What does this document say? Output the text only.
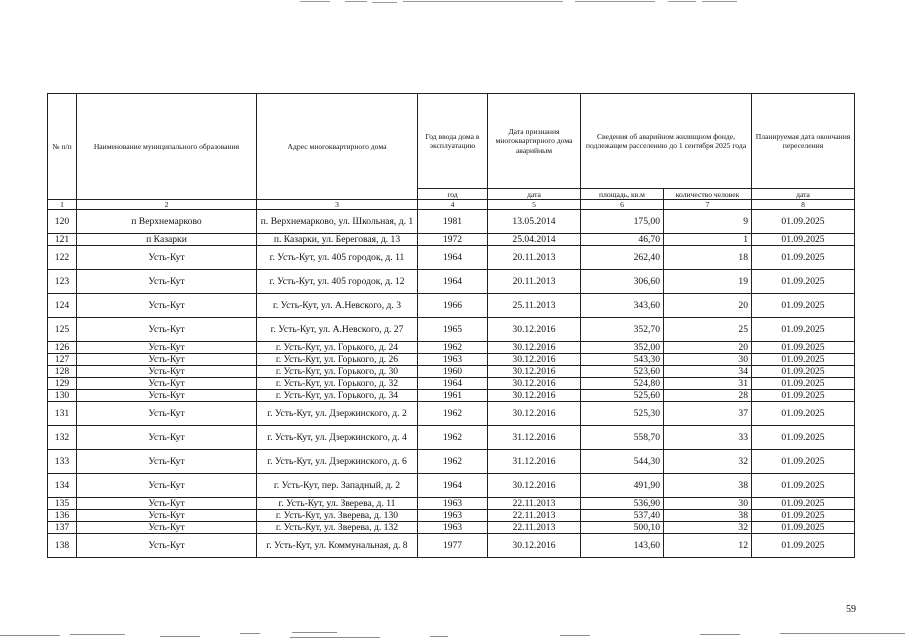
№ п/п	Наименование муниципального образования	Адрес многоквартирного дома	Год ввода дома в эксплуатацию	Дата признания многоквартирного дома аварийным	Сведения об аварийном жилищном фонде, подлежащем расселению до 1 сентября 2025 года		Планируемая дата окончания переселения
			год	дата	площадь, кв.м	количество человек	дата
1	2	3	4	5	6	7	8
120	п Верхнемарково	п. Верхнемарково, ул. Школьная, д. 1	1981	13.05.2014	175,00	9	01.09.2025
121	п Казарки	п. Казарки, ул. Береговая, д. 13	1972	25.04.2014	46,70	1	01.09.2025
122	Усть-Кут	г. Усть-Кут, ул. 405 городок, д. 11	1964	20.11.2013	262,40	18	01.09.2025
123	Усть-Кут	г. Усть-Кут, ул. 405 городок, д. 12	1964	20.11.2013	306,60	19	01.09.2025
124	Усть-Кут	г. Усть-Кут, ул. А.Невского, д. 3	1966	25.11.2013	343,60	20	01.09.2025
125	Усть-Кут	г. Усть-Кут, ул. А.Невского, д. 27	1965	30.12.2016	352,70	25	01.09.2025
126	Усть-Кут	г. Усть-Кут, ул. Горького, д. 24	1962	30.12.2016	352,00	20	01.09.2025
127	Усть-Кут	г. Усть-Кут, ул. Горького, д. 26	1963	30.12.2016	543,30	30	01.09.2025
128	Усть-Кут	г. Усть-Кут, ул. Горького, д. 30	1960	30.12.2016	523,60	34	01.09.2025
129	Усть-Кут	г. Усть-Кут, ул. Горького, д. 32	1964	30.12.2016	524,80	31	01.09.2025
130	Усть-Кут	г. Усть-Кут, ул. Горького, д. 34	1961	30.12.2016	525,60	28	01.09.2025
131	Усть-Кут	г. Усть-Кут, ул. Дзержинского, д. 2	1962	30.12.2016	525,30	37	01.09.2025
132	Усть-Кут	г. Усть-Кут, ул. Дзержинского, д. 4	1962	31.12.2016	558,70	33	01.09.2025
133	Усть-Кут	г. Усть-Кут, ул. Дзержинского, д. 6	1962	31.12.2016	544,30	32	01.09.2025
134	Усть-Кут	г. Усть-Кут, пер. Западный, д. 2	1964	30.12.2016	491,90	38	01.09.2025
135	Усть-Кут	г. Усть-Кут, ул. Зверева, д. 11	1963	22.11.2013	536,90	30	01.09.2025
136	Усть-Кут	г. Усть-Кут, ул. Зверева, д. 130	1963	22.11.2013	537,40	38	01.09.2025
137	Усть-Кут	г. Усть-Кут, ул. Зверева, д. 132	1963	22.11.2013	500,10	32	01.09.2025
138	Усть-Кут	г. Усть-Кут, ул. Коммунальная, д. 8	1977	30.12.2016	143,60	12	01.09.2025
59
